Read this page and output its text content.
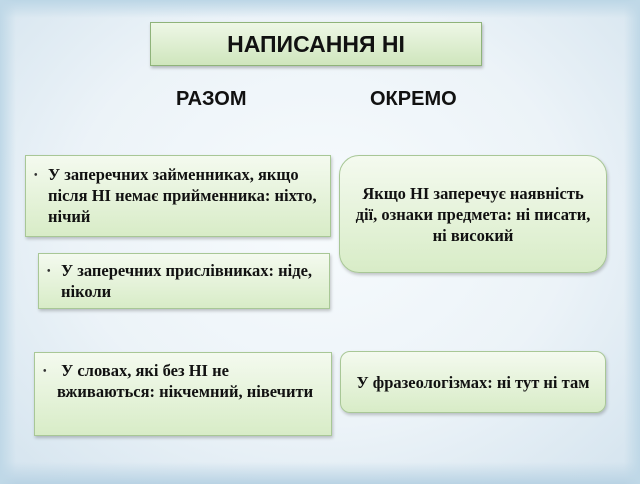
НАПИСАННЯ НІ
РАЗОМ	ОКРЕМО
• У заперечних займенниках, якщо після НІ немає прийменника: ніхто, нічий
• У заперечних прислівниках: ніде, ніколи
• У словах, які без НІ не вживаються: нікчемний, нівечити
Якщо НІ заперечує наявність дії, ознаки предмета: ні писати, ні високий
У фразеологізмах: ні тут ні там
